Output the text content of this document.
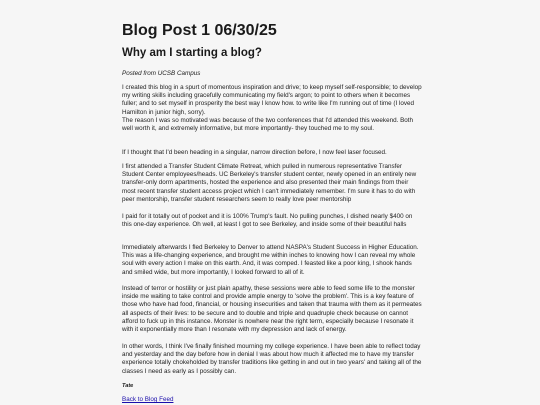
Blog Post 1 06/30/25
Why am I starting a blog?
Posted from UCSB Campus

I created this blog in a spurt of momentous inspiration and drive; to keep myself self-responsible; to develop my writing skills including gracefully communicating my field's argon; to point to others when it becomes fuller; and to set myself in prosperity the best way I know how. to write like I'm running out of time (I loved Hamilton in junior high, sorry).

The reason I was so motivated was because of the two conferences that I'd attended this weekend. Both well worth it, and extremely informative, but more importantly- they touched me to my soul.

If I thought that I'd been heading in a singular, narrow direction before, I now feel laser focused.

I first attended a Transfer Student Climate Retreat, which pulled in numerous representative Transfer Student Center employees/heads. UC Berkeley's transfer student center, newly opened in an entirely new transfer-only dorm apartments, hosted the experience and also presented their main findings from their most recent transfer student access project which I can't immediately remember. I'm sure it has to do with peer mentorship, transfer student researchers seem to really love peer mentorship

I paid for it totally out of pocket and it is 100% Trump's fault. No pulling punches, I dished nearly $400 on this one-day experience. Oh well, at least I got to see Berkeley, and inside some of their beautiful halls

Immediately afterwards I fled Berkeley to Denver to attend NASPA's Student Success in Higher Education. This was a life-changing experience, and brought me within inches to knowing how I can reveal my whole soul with every action I make on this earth. And, it was comped. I feasted like a poor king, I shook hands and smiled wide, but more importantly, I looked forward to all of it.

Instead of terror or hostility or just plain apathy, these sessions were able to feed some life to the monster inside me waiting to take control and provide ample energy to 'solve the problem'. This is a key feature of those who have had food, financial, or housing insecurities and taken that trauma with them as it permeates all aspects of their lives: to be secure and to double and triple and quadruple check because on cannot afford to fuck up in this instance. Monster is nowhere near the right term, especially because I resonate it with it exponentially more than I resonate with my depression and lack of energy.

In other words, I think I've finally finished mourning my college experience. I have been able to reflect today and yesterday and the day before how in denial I was about how much it affected me to have my transfer experience totally chokeholded by transfer traditions like getting in and out in two years' and taking all of the classes I need as early as I possibly can.

Tate
Back to Blog Feed
